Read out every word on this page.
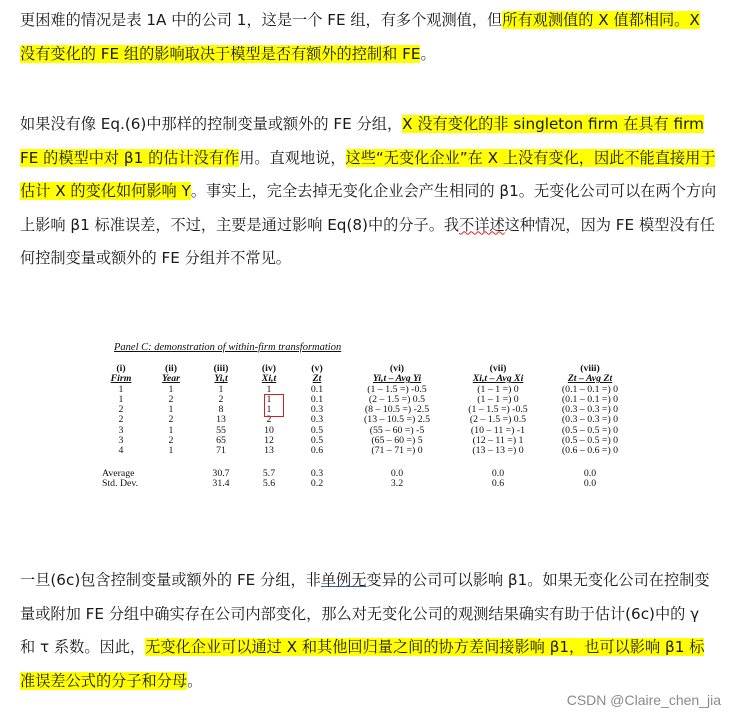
更困难的情况是表 1A 中的公司 1，这是一个 FE 组，有多个观测值，但所有观测值的 X 值都相同。X 没有变化的 FE 组的影响取决于模型是否有额外的控制和 FE。

如果没有像 Eq.(6)中那样的控制变量或额外的 FE 分组，X 没有变化的非 singleton firm 在具有 firm FE 的模型中对 β1 的估计没有作用。直观地说，这些“无变化企业”在 X 上没有变化，因此不能直接用于估计 X 的变化如何影响 Y。事实上，完全去掉无变化企业会产生相同的 β1。无变化公司可以在两个方向上影响 β1 标准误差，不过，主要是通过影响 Eq(8)中的分子。我不详述这种情况，因为 FE 模型没有任何控制变量或额外的 FE 分组并不常见。

Panel C: demonstration of within-firm transformation

(i)	(ii)	(iii)	(iv)	(v)	(vi)	(vii)	(viii)
Firm	Year	Yi,t	Xi,t	Zt	Yi,t – Avg Yi	Xi,t – Avg Xi	Zt – Avg Zt
1	1	1	1	0.1	(1 – 1.5 =) -0.5	(1 – 1 =) 0	(0.1 – 0.1 =) 0
1	2	2	1	0.1	(2 – 1.5 =) 0.5	(1 – 1 =) 0	(0.1 – 0.1 =) 0
2	1	8	1	0.3	(8 – 10.5 =) -2.5	(1 – 1.5 =) -0.5	(0.3 – 0.3 =) 0
2	2	13	2	0.3	(13 – 10.5 =) 2.5	(2 – 1.5 =) 0.5	(0.3 – 0.3 =) 0
3	1	55	10	0.5	(55 – 60 =) -5	(10 – 11 =) -1	(0.5 – 0.5 =) 0
3	2	65	12	0.5	(65 – 60 =) 5	(12 – 11 =) 1	(0.5 – 0.5 =) 0
4	1	71	13	0.6	(71 – 71 =) 0	(13 – 13 =) 0	(0.6 – 0.6 =) 0

Average		30.7	5.7	0.3	0.0	0.0	0.0
Std. Dev.		31.4	5.6	0.2	3.2	0.6	0.0

一旦(6c)包含控制变量或额外的 FE 分组，非单例无变异的公司可以影响 β1。如果无变化公司在控制变量或附加 FE 分组中确实存在公司内部变化，那么对无变化公司的观测结果确实有助于估计(6c)中的 γ 和 τ 系数。因此，无变化企业可以通过 X 和其他回归量之间的协方差间接影响 β1，也可以影响 β1 标准误差公式的分子和分母。

CSDN @Claire_chen_jia
